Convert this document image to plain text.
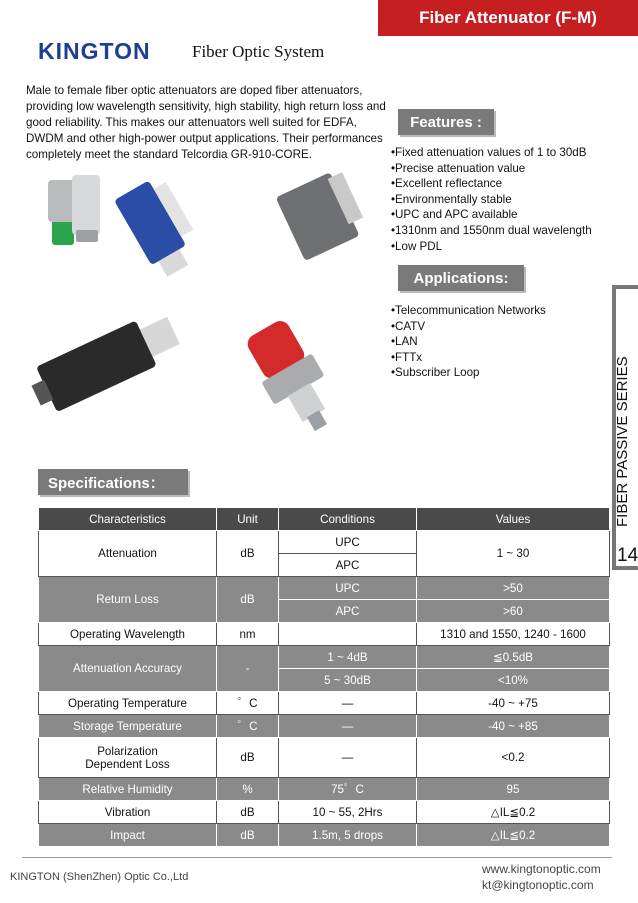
Fiber Attenuator (F-M)
KINGTON Fiber Optic System

Male to female fiber optic attenuators are doped fiber attenuators, providing low wavelength sensitivity, high stability, high return loss and good reliability. This makes our attenuators well suited for EDFA, DWDM and other high-power output applications. Their performances completely meet the standard Telcordia GR-910-CORE.

Features :
•Fixed attenuation values of 1 to 30dB
•Precise attenuation value
•Excellent reflectance
•Environmentally stable
•UPC and APC available
•1310nm and 1550nm dual wavelength
•Low PDL
Applications:
•Telecommunication Networks
•CATV
•LAN
•FTTx
•Subscriber Loop	FIBER PASSIVE SERIES
14
Specifications：
Characteristics	Unit	Conditions	Values
Attenuation	dB	UPC	1 ~ 30
		APC	
Return Loss	dB	UPC	>50
		APC	>60
Operating Wavelength	nm		1310 and 1550, 1240 - 1600
Attenuation Accuracy	-	1 ~ 4dB	≦0.5dB
		5 ~ 30dB	<10%
Operating Temperature	゜C	—	-40 ~ +75
Storage Temperature	゜C	—	-40 ~ +85
Polarization Dependent Loss	dB	—	<0.2
Relative Humidity	%	75゜C	95
Vibration	dB	10 ~ 55, 2Hrs	△IL≦0.2
Impact	dB	1.5m, 5 drops	△IL≦0.2
KINGTON (ShenZhen) Optic Co.,Ltd
www.kingtonoptic.com
kt@kingtonoptic.com
